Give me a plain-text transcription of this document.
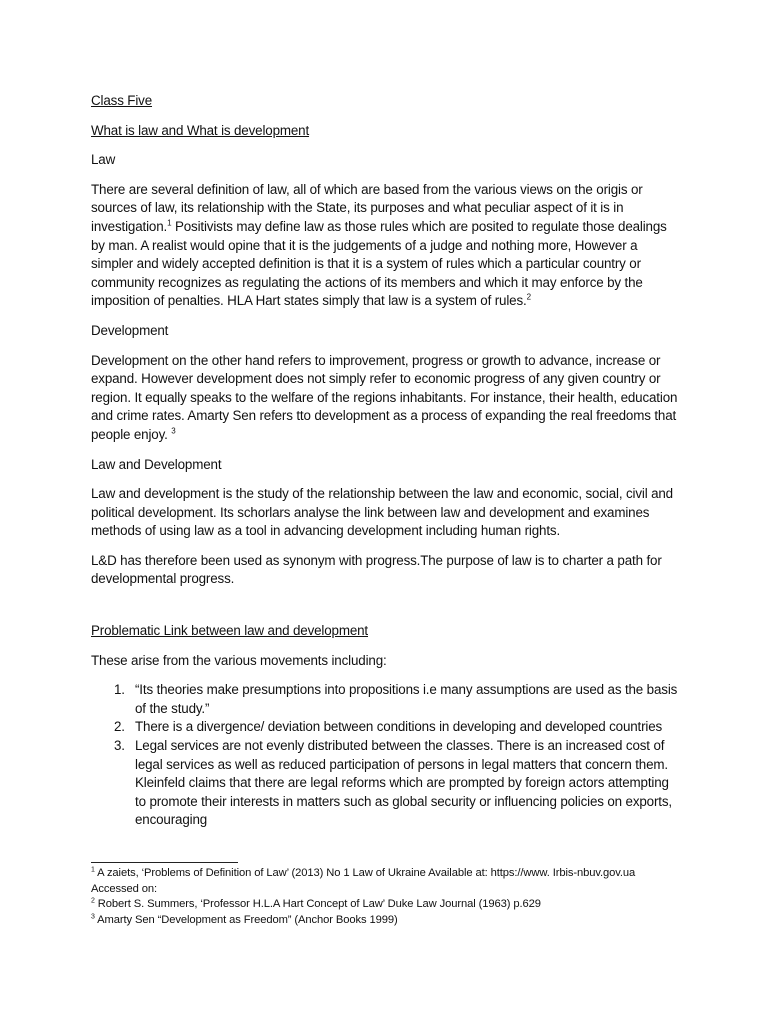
Class Five

What is law and What is development

Law

There are several definition of law, all of which are based from the various views on the origis or sources of law, its relationship with the State, its purposes and what peculiar aspect of it is in investigation.$^1$ Positivists may define law as those rules which are posited to regulate those dealings by man. A realist would opine that it is the judgements of a judge and nothing more, However a simpler and widely accepted definition is that it is a system of rules which a particular country or community recognizes as regulating the actions of its members and which it may enforce by the imposition of penalties. HLA Hart states simply that law is a system of rules.$^2$

Development

Development on the other hand refers to improvement, progress or growth to advance, increase or expand. However development does not simply refer to economic progress of any given country or region. It equally speaks to the welfare of the regions inhabitants. For instance, their health, education and crime rates. Amarty Sen refers tto development as a process of expanding the real freedoms that people enjoy. $^3$

Law and Development

Law and development is the study of the relationship between the law and economic, social, civil and political development. Its schorlars analyse the link between law and development and examines methods of using law as a tool in advancing development including human rights.

L&D has therefore been used as synonym with progress.The purpose of law is to charter a path for developmental progress.

Problematic Link between law and development

These arise from the various movements including:

1. “Its theories make presumptions into propositions i.e many assumptions are used as the basis of the study.”
2. There is a divergence/ deviation between conditions in developing and developed countries
3. Legal services are not evenly distributed between the classes. There is an increased cost of legal services as well as reduced participation of persons in legal matters that concern them. Kleinfeld claims that there are legal reforms which are prompted by foreign actors attempting to promote their interests in matters such as global security or influencing policies on exports, encouraging

$^1$ A zaiets, ‘Problems of Definition of Law’ (2013) No 1 Law of Ukraine Available at: https://www. Irbis-nbuv.gov.ua

Accessed on:

$^2$ Robert S. Summers, ‘Professor H.L.A Hart Concept of Law’ Duke Law Journal (1963) p.629

$^3$ Amarty Sen “Development as Freedom” (Anchor Books 1999)
